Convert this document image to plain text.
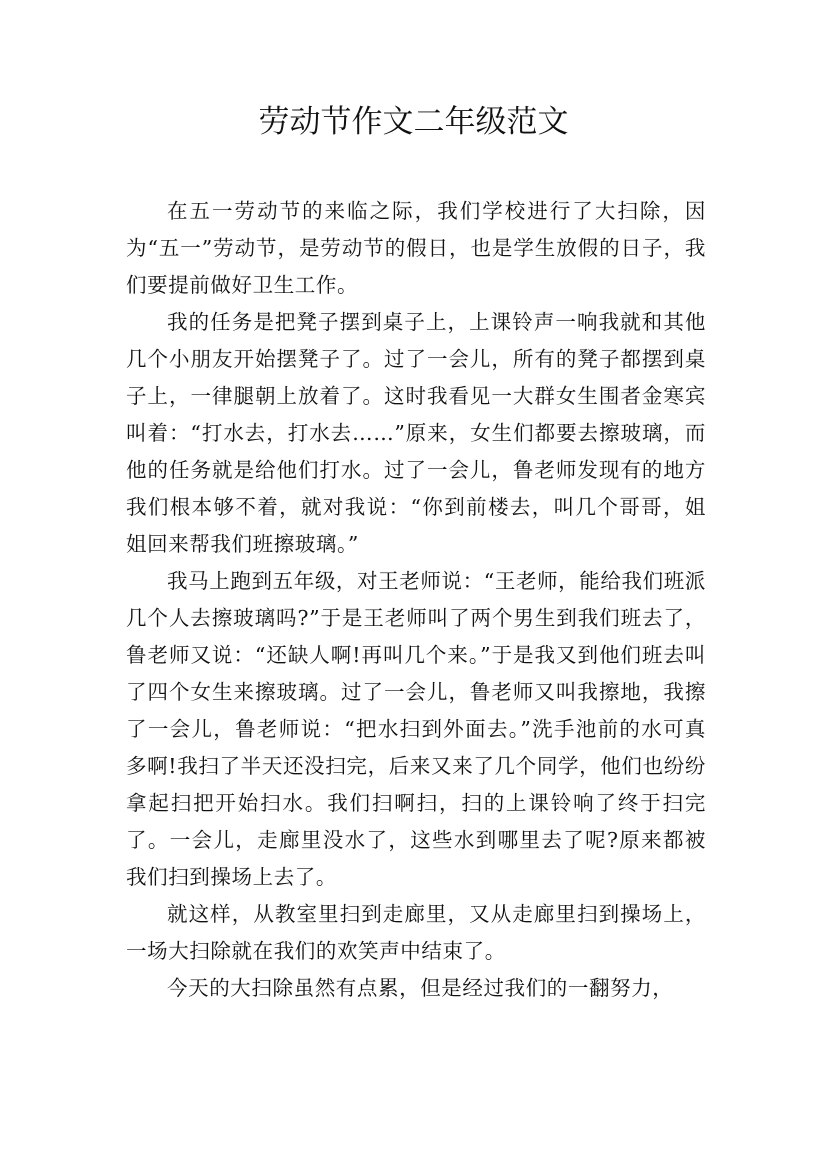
劳动节作文二年级范文

在五一劳动节的来临之际，我们学校进行了大扫除，因为“五一”劳动节，是劳动节的假日，也是学生放假的日子，我们要提前做好卫生工作。

我的任务是把凳子摆到桌子上，上课铃声一响我就和其他几个小朋友开始摆凳子了。过了一会儿，所有的凳子都摆到桌子上，一律腿朝上放着了。这时我看见一大群女生围者金寒宾叫着：“打水去，打水去……”原来，女生们都要去擦玻璃，而他的任务就是给他们打水。过了一会儿，鲁老师发现有的地方我们根本够不着，就对我说：“你到前楼去，叫几个哥哥，姐姐回来帮我们班擦玻璃。”

我马上跑到五年级，对王老师说：“王老师，能给我们班派几个人去擦玻璃吗?”于是王老师叫了两个男生到我们班去了，鲁老师又说：“还缺人啊!再叫几个来。”于是我又到他们班去叫了四个女生来擦玻璃。过了一会儿，鲁老师又叫我擦地，我擦了一会儿，鲁老师说：“把水扫到外面去。”洗手池前的水可真多啊!我扫了半天还没扫完，后来又来了几个同学，他们也纷纷拿起扫把开始扫水。我们扫啊扫，扫的上课铃响了终于扫完了。一会儿，走廊里没水了，这些水到哪里去了呢?原来都被我们扫到操场上去了。

就这样，从教室里扫到走廊里，又从走廊里扫到操场上，一场大扫除就在我们的欢笑声中结束了。

今天的大扫除虽然有点累，但是经过我们的一翻努力，
